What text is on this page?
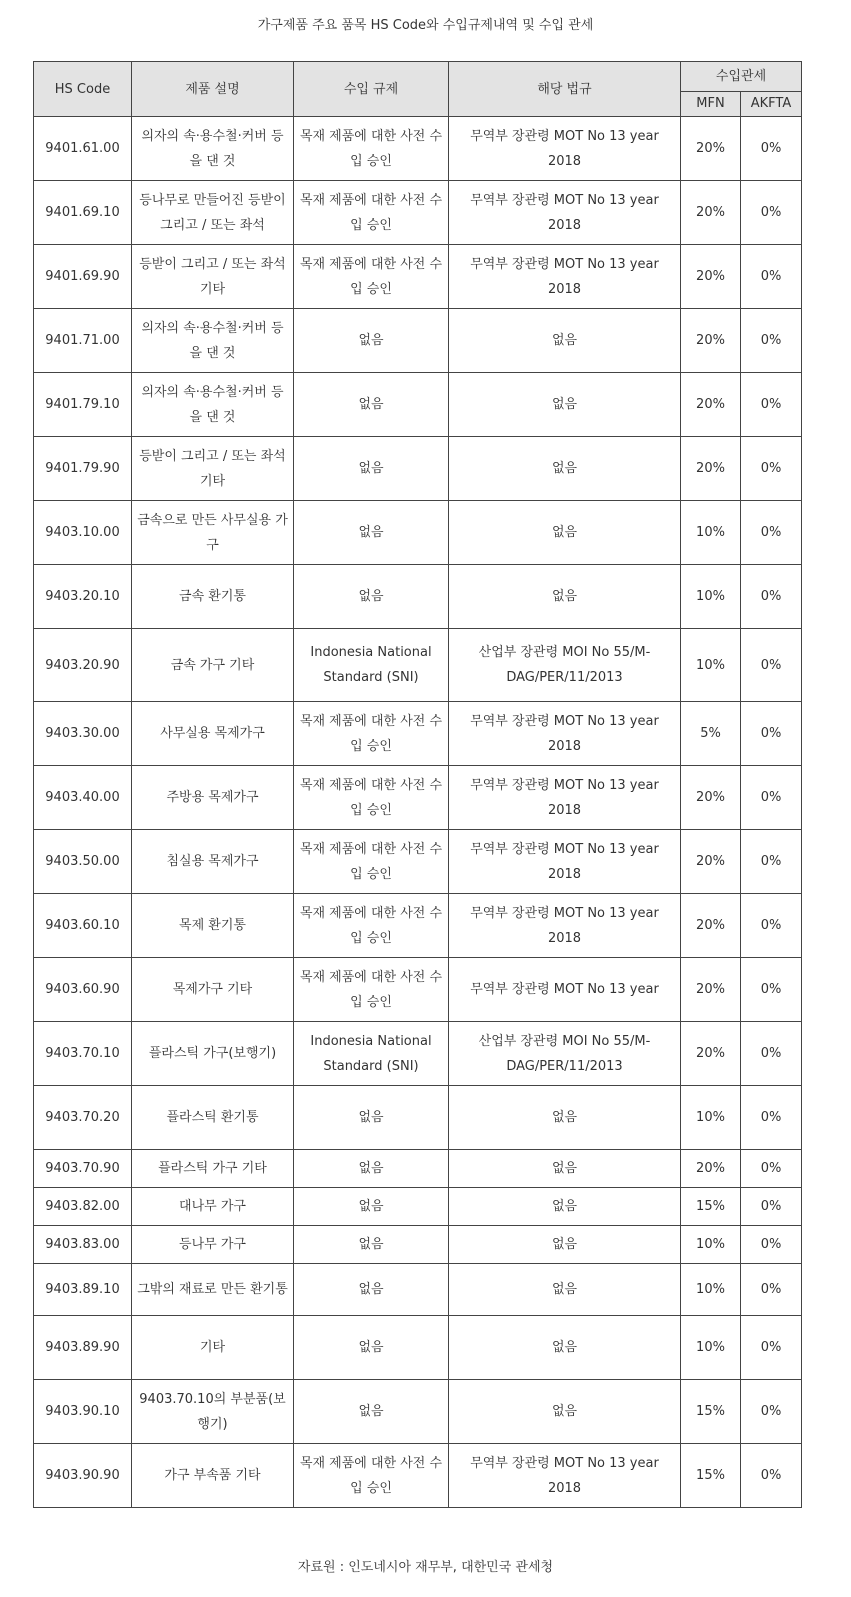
가구제품 주요 품목 HS Code와 수입규제내역 및 수입 관세
HS Code	제품 설명	수입 규제	해당 법규	수입관세	
				MFN	AKFTA
9401.61.00	의자의 속·용수철·커버 등을 댄 것	목재 제품에 대한 사전 수입 승인	무역부 장관령 MOT No 13 year 2018	20%	0%
9401.69.10	등나무로 만들어진 등받이 그리고 / 또는 좌석	목재 제품에 대한 사전 수입 승인	무역부 장관령 MOT No 13 year 2018	20%	0%
9401.69.90	등받이 그리고 / 또는 좌석 기타	목재 제품에 대한 사전 수입 승인	무역부 장관령 MOT No 13 year 2018	20%	0%
9401.71.00	의자의 속·용수철·커버 등을 댄 것	없음	없음	20%	0%
9401.79.10	의자의 속·용수철·커버 등을 댄 것	없음	없음	20%	0%
9401.79.90	등받이 그리고 / 또는 좌석 기타	없음	없음	20%	0%
9403.10.00	금속으로 만든 사무실용 가구	없음	없음	10%	0%
9403.20.10	금속 환기통	없음	없음	10%	0%
9403.20.90	금속 가구 기타	Indonesia National Standard (SNI)	산업부 장관령 MOI No 55/M-DAG/PER/11/2013	10%	0%
9403.30.00	사무실용 목제가구	목재 제품에 대한 사전 수입 승인	무역부 장관령 MOT No 13 year 2018	5%	0%
9403.40.00	주방용 목제가구	목재 제품에 대한 사전 수입 승인	무역부 장관령 MOT No 13 year 2018	20%	0%
9403.50.00	침실용 목제가구	목재 제품에 대한 사전 수입 승인	무역부 장관령 MOT No 13 year 2018	20%	0%
9403.60.10	목제 환기통	목재 제품에 대한 사전 수입 승인	무역부 장관령 MOT No 13 year 2018	20%	0%
9403.60.90	목제가구 기타	목재 제품에 대한 사전 수입 승인	무역부 장관령 MOT No 13 year	20%	0%
9403.70.10	플라스틱 가구(보행기)	Indonesia National Standard (SNI)	산업부 장관령 MOI No 55/M-DAG/PER/11/2013	20%	0%
9403.70.20	플라스틱 환기통	없음	없음	10%	0%
9403.70.90	플라스틱 가구 기타	없음	없음	20%	0%
9403.82.00	대나무 가구	없음	없음	15%	0%
9403.83.00	등나무 가구	없음	없음	10%	0%
9403.89.10	그밖의 재료로 만든 환기통	없음	없음	10%	0%
9403.89.90	기타	없음	없음	10%	0%
9403.90.10	9403.70.10의 부분품(보행기)	없음	없음	15%	0%
9403.90.90	가구 부속품 기타	목재 제품에 대한 사전 수입 승인	무역부 장관령 MOT No 13 year 2018	15%	0%
자료원 : 인도네시아 재무부, 대한민국 관세청
